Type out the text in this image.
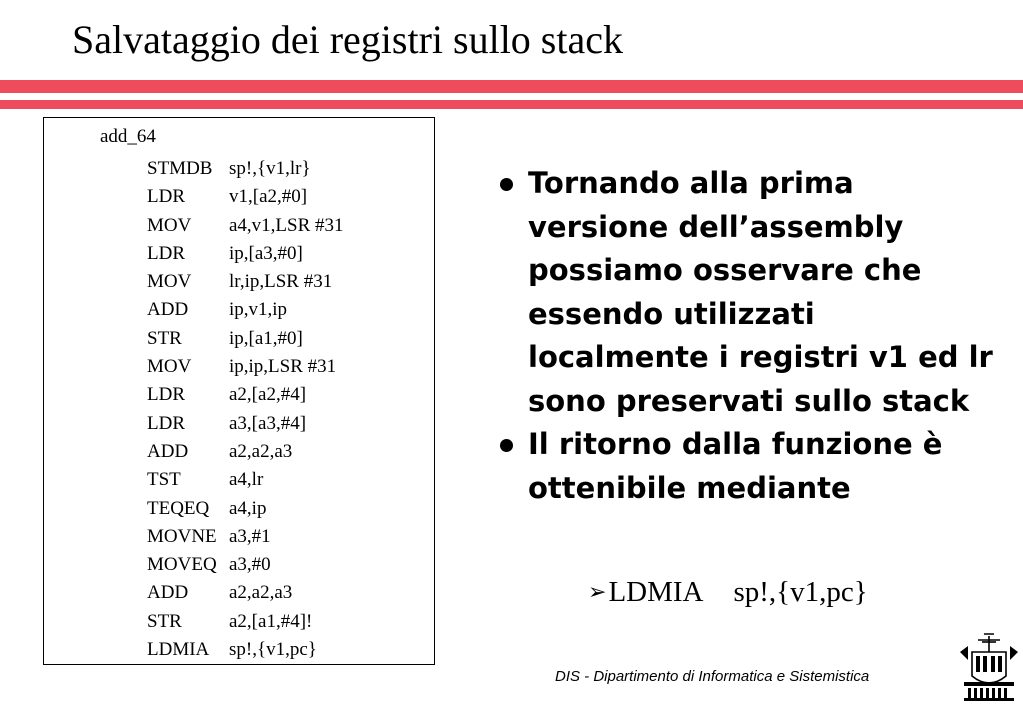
Salvataggio dei registri sullo stack
add_64
STMDB sp!,{v1,lr}
LDR v1,[a2,#0]
MOV a4,v1,LSR #31
LDR ip,[a3,#0]
MOV lr,ip,LSR #31
ADD ip,v1,ip
STR ip,[a1,#0]
MOV ip,ip,LSR #31
LDR a2,[a2,#4]
LDR a3,[a3,#4]
ADD a2,a2,a3
TST	a4,lr
TEQEQ a4,ip
MOVNE a3,#1
MOVEQ a3,#0
ADD a2,a2,a3
STR a2,[a1,#4]!
LDMIA sp!,{v1,pc}
Tornando alla prima versione dell’assembly possiamo osservare che essendo utilizzati localmente i registri v1 ed lr sono preservati sullo stack
Il ritorno dalla funzione è ottenibile mediante
➢LDMIA sp!,{v1,pc}
DIS - Dipartimento di Informatica e Sistemistica
